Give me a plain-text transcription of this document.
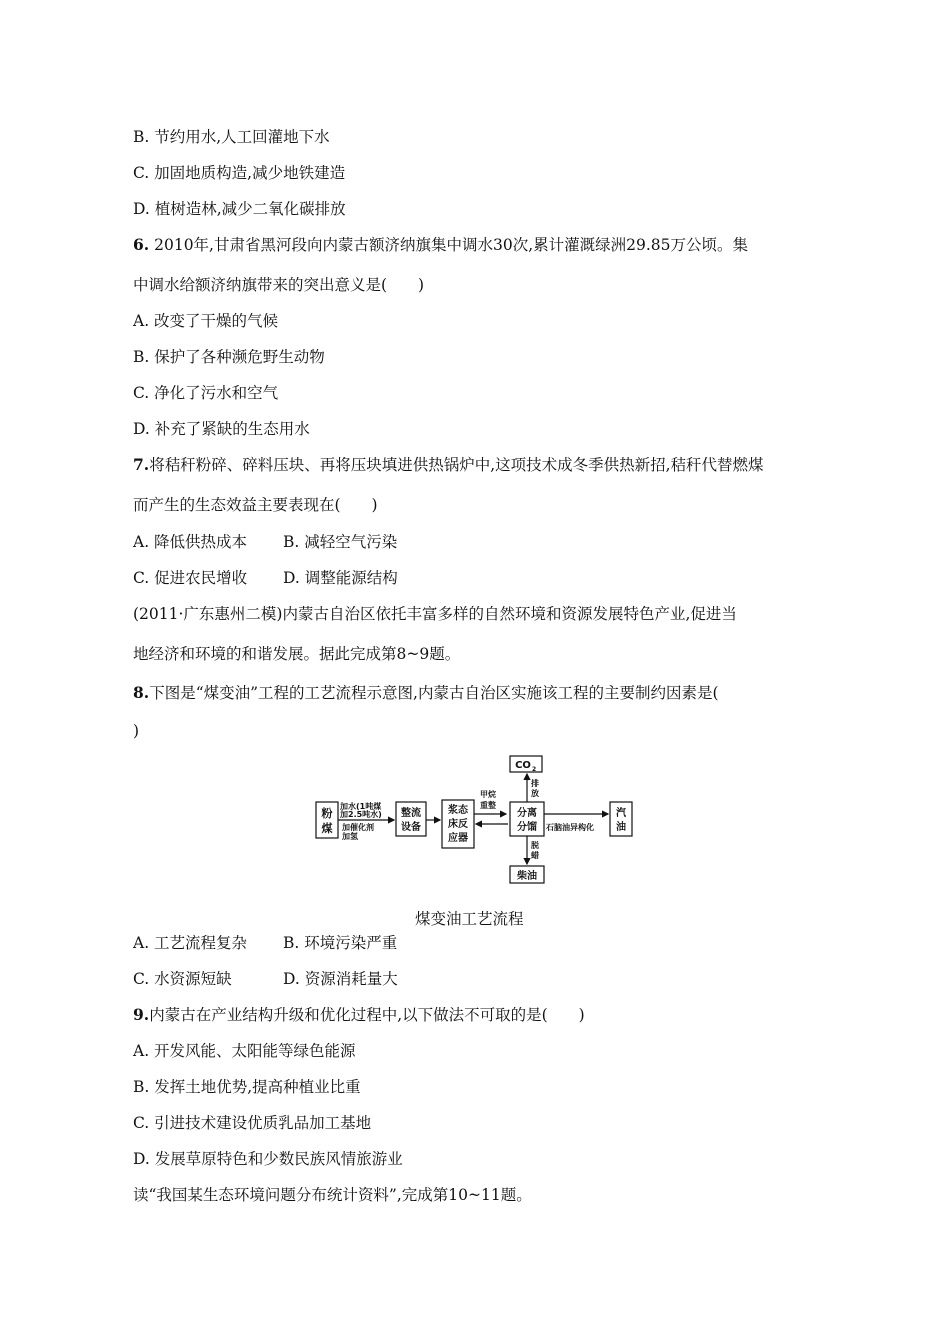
B. 节约用水,人工回灌地下水

C. 加固地质构造,减少地铁建造

D. 植树造林,减少二氧化碳排放

6. 2010年,甘肃省黑河段向内蒙古额济纳旗集中调水30次,累计灌溉绿洲29.85万公顷。集

中调水给额济纳旗带来的突出意义是(　　)

A. 改变了干燥的气候

B. 保护了各种濒危野生动物

C. 净化了污水和空气

D. 补充了紧缺的生态用水

7.将秸秆粉碎、碎料压块、再将压块填进供热锅炉中,这项技术成冬季供热新招,秸秆代替燃煤

而产生的生态效益主要表现在(　　)

A. 降低供热成本 B. 减轻空气污染

C. 促进农民增收 D. 调整能源结构

(2011·广东惠州二模)内蒙古自治区依托丰富多样的自然环境和资源发展特色产业,促进当

地经济和环境的和谐发展。据此完成第8~9题。

8.下图是“煤变油”工程的工艺流程示意图,内蒙古自治区实施该工程的主要制约因素是(

)

粉
煤
加水(1吨煤
加2.5吨水)
加催化剂
加氢
整流
设备
浆态
床反
应器
甲烷
重整
分离
分馏
排
放
CO 2
脱
蜡
柴油
石脑油异构化
汽
油
煤变油工艺流程

A. 工艺流程复杂 B. 环境污染严重

C. 水资源短缺	D. 资源消耗量大

9.内蒙古在产业结构升级和优化过程中,以下做法不可取的是(　　)

A. 开发风能、太阳能等绿色能源

B. 发挥土地优势,提高种植业比重

C. 引进技术建设优质乳品加工基地

D. 发展草原特色和少数民族风情旅游业

读“我国某生态环境问题分布统计资料”,完成第10~11题。
